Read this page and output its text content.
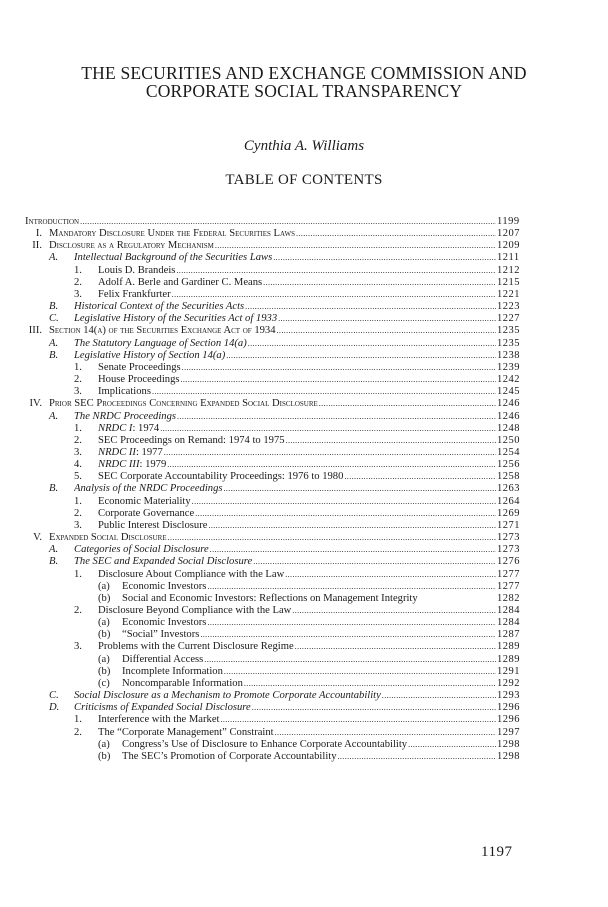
THE SECURITIES AND EXCHANGE COMMISSION AND
CORPORATE SOCIAL TRANSPARENCY
Cynthia A. Williams
TABLE OF CONTENTS
Introduction
.....	1199
I. Mandatory Disclosure Under the Federal Securities Laws
.....	1207
II. Disclosure as a Regulatory Mechanism
.....	1209
A. Intellectual Background of the Securities Laws
.....	1211
1. Louis D. Brandeis
.....	1212
2. Adolf A. Berle and Gardiner C. Means
.....	1215
3. Felix Frankfurter
.....	1221
B. Historical Context of the Securities Acts
.....	1223
C. Legislative History of the Securities Act of 1933
.....	1227
III. Section 14(a) of the Securities Exchange Act of 1934
.....	1235
A. The Statutory Language of Section 14(a)
.....	1235
B. Legislative History of Section 14(a)
.....	1238
1. Senate Proceedings
.....	1239
2. House Proceedings
.....	1242
3. Implications
.....	1245
IV. Prior SEC Proceedings Concerning Expanded Social Disclosure
.....	1246
A. The NRDC Proceedings
.....	1246
1. NRDC I: 1974
.....	1248
2. SEC Proceedings on Remand: 1974 to 1975
.....	1250
3. NRDC II: 1977
.....	1254
4. NRDC III: 1979
.....	1256
5. SEC Corporate Accountability Proceedings: 1976 to 1980
.....	1258
B. Analysis of the NRDC Proceedings
.....	1263
1. Economic Materiality
.....	1264
2. Corporate Governance
.....	1269
3. Public Interest Disclosure
.....	1271
V. Expanded Social Disclosure
.....	1273
A. Categories of Social Disclosure
.....	1273
B. The SEC and Expanded Social Disclosure
.....	1276
1. Disclosure About Compliance with the Law
.....	1277
(a) Economic Investors
.....	1277
(b) Social and Economic Investors: Reflections on Management Integrity	1282
2. Disclosure Beyond Compliance with the Law
.....	1284
(a) Economic Investors
.....	1284
(b) “Social” Investors
.....	1287
3. Problems with the Current Disclosure Regime
.....	1289
(a) Differential Access
.....	1289
(b) Incomplete Information
.....	1291
(c) Noncomparable Information
.....	1292
C. Social Disclosure as a Mechanism to Promote Corporate Accountability
.....	1293
D. Criticisms of Expanded Social Disclosure
.....	1296
1. Interference with the Market
.....	1296
2. The “Corporate Management” Constraint
.....	1297
(a) Congress’s Use of Disclosure to Enhance Corporate Accountability
.....	1298
(b) The SEC’s Promotion of Corporate Accountability
.....	1298
1197
